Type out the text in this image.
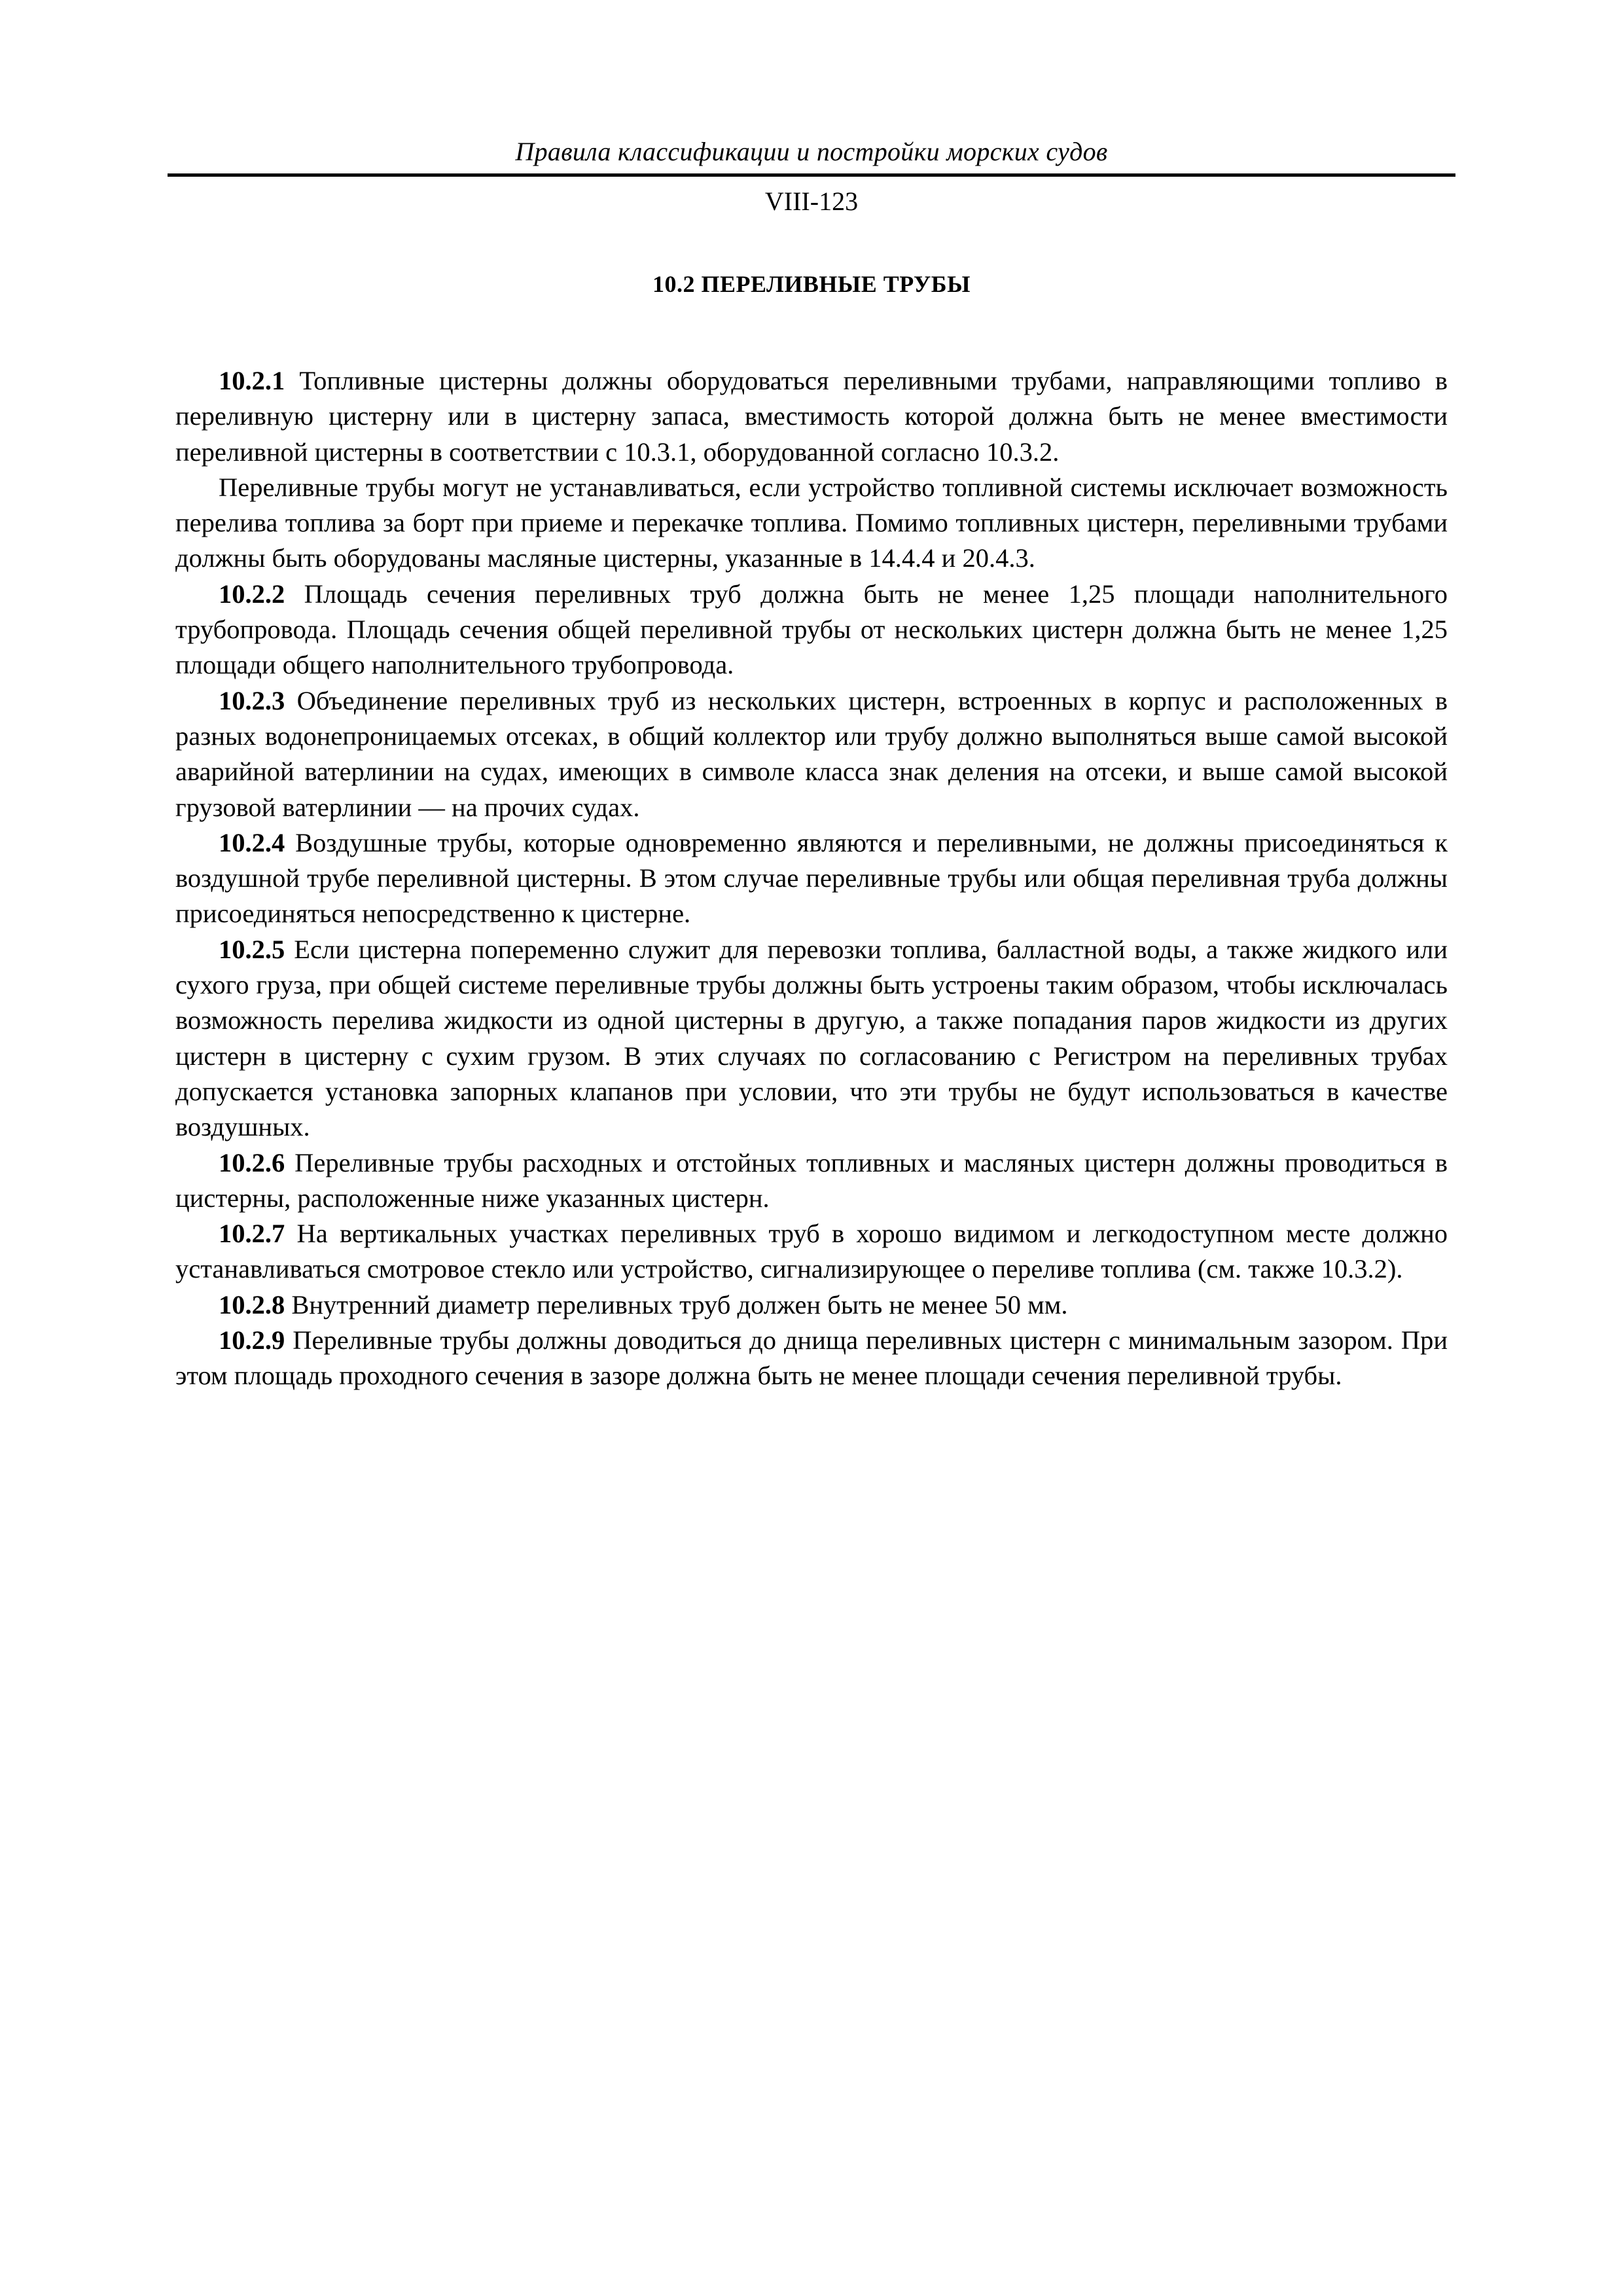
Правила классификации и постройки морских судов
VIII-123
10.2 ПЕРЕЛИВНЫЕ ТРУБЫ

10.2.1 Топливные цистерны должны оборудоваться переливными трубами, направляющими топливо в переливную цистерну или в цистерну запаса, вместимость которой должна быть не менее вместимости переливной цистерны в соответствии с 10.3.1, оборудованной согласно 10.3.2.

Переливные трубы могут не устанавливаться, если устройство топливной системы исключает возможность перелива топлива за борт при приеме и перекачке топлива. Помимо топливных цистерн, переливными трубами должны быть оборудованы масляные цистерны, указанные в 14.4.4 и 20.4.3.

10.2.2 Площадь сечения переливных труб должна быть не менее 1,25 площади наполнительного трубопровода. Площадь сечения общей переливной трубы от нескольких цистерн должна быть не менее 1,25 площади общего наполнительного трубопровода.

10.2.3 Объединение переливных труб из нескольких цистерн, встроенных в корпус и расположенных в разных водонепроницаемых отсеках, в общий коллектор или трубу должно выполняться выше самой высокой аварийной ватерлинии на судах, имеющих в символе класса знак деления на отсеки, и выше самой высокой грузовой ватерлинии — на прочих судах.

10.2.4 Воздушные трубы, которые одновременно являются и переливными, не должны присоединяться к воздушной трубе переливной цистерны. В этом случае переливные трубы или общая переливная труба должны присоединяться непосредственно к цистерне.

10.2.5 Если цистерна попеременно служит для перевозки топлива, балластной воды, а также жидкого или сухого груза, при общей системе переливные трубы должны быть устроены таким образом, чтобы исключалась возможность перелива жидкости из одной цистерны в другую, а также попадания паров жидкости из других цистерн в цистерну с сухим грузом. В этих случаях по согласованию с Регистром на переливных трубах допускается установка запорных клапанов при условии, что эти трубы не будут использоваться в качестве воздушных.

10.2.6 Переливные трубы расходных и отстойных топливных и масляных цистерн должны проводиться в цистерны, расположенные ниже указанных цистерн.

10.2.7 На вертикальных участках переливных труб в хорошо видимом и легкодоступном месте должно устанавливаться смотровое стекло или устройство, сигнализирующее о переливе топлива (см. также 10.3.2).

10.2.8 Внутренний диаметр переливных труб должен быть не менее 50 мм.

10.2.9 Переливные трубы должны доводиться до днища переливных цистерн с минимальным зазором. При этом площадь проходного сечения в зазоре должна быть не менее площади сечения переливной трубы.
